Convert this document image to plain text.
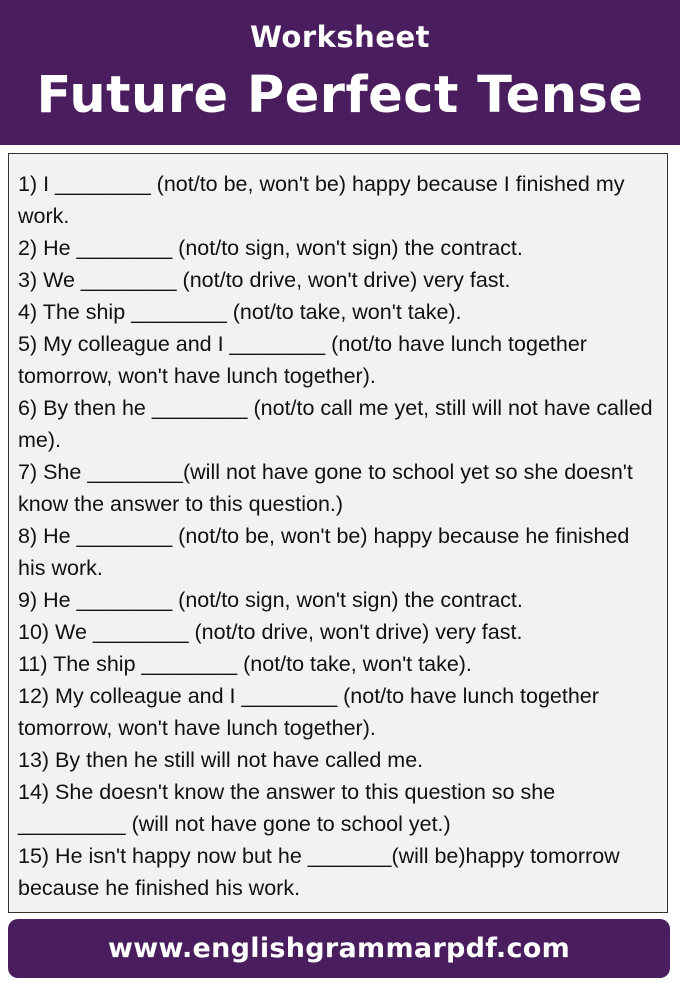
Worksheet
Future Perfect Tense

1) I ________ (not/to be, won't be) happy because I finished my work.

2) He ________ (not/to sign, won't sign) the contract.

3) We ________ (not/to drive, won't drive) very fast.

4) The ship ________ (not/to take, won't take).

5) My colleague and I ________ (not/to have lunch together tomorrow, won't have lunch together).

6) By then he ________ (not/to call me yet, still will not have called me).

7) She ________(will not have gone to school yet so she doesn't know the answer to this question.)

8) He ________ (not/to be, won't be) happy because he finished his work.

9) He ________ (not/to sign, won't sign) the contract.

10) We ________ (not/to drive, won't drive) very fast.

11) The ship ________ (not/to take, won't take).

12) My colleague and I ________ (not/to have lunch together tomorrow, won't have lunch together).

13) By then he still will not have called me.

14) She doesn't know the answer to this question so she _________ (will not have gone to school yet.)

15) He isn't happy now but he _______(will be)happy tomorrow because he finished his work.

www.englishgrammarpdf.com
